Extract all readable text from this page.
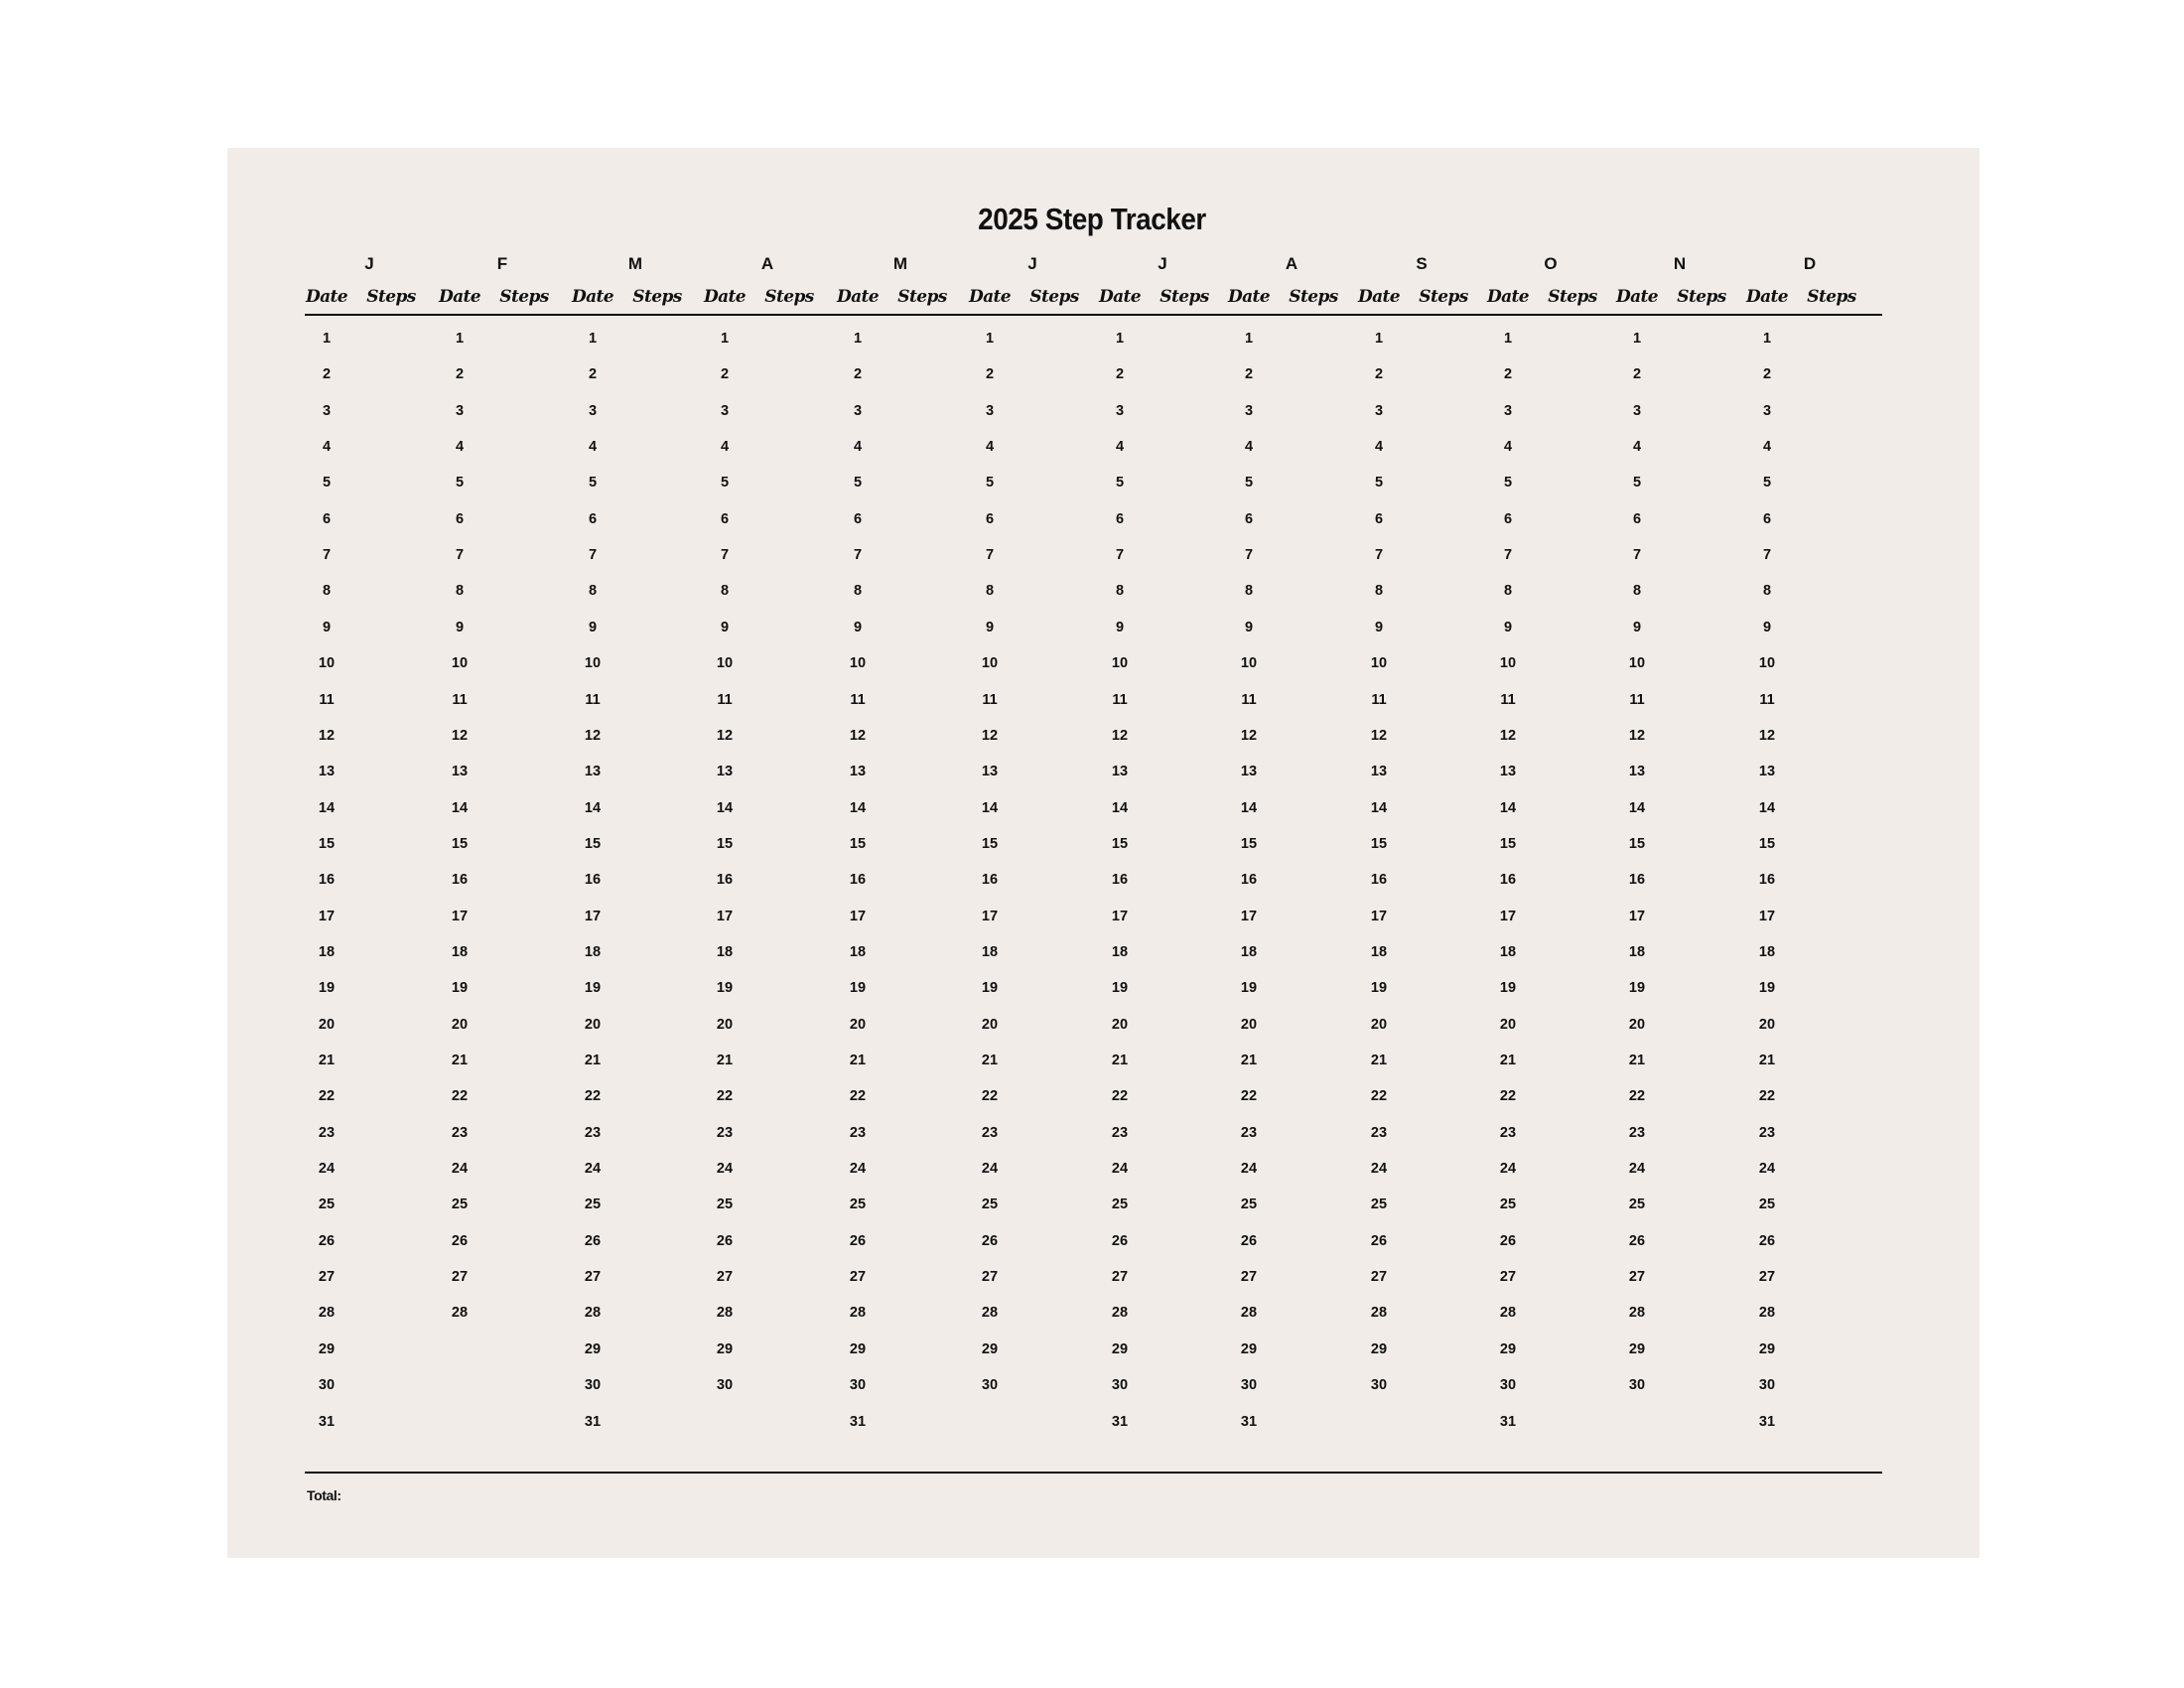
2025 Step Tracker
J
Date	Steps
1
2
3
4
5
6
7
8
9
10
11
12
13
14
15
16
17
18
19
20
21
22
23
24
25
26
27
28
29
30
31
F
Date	Steps
1
2
3
4
5
6
7
8
9
10
11
12
13
14
15
16
17
18
19
20
21
22
23
24
25
26
27
28
M
Date	Steps
1
2
3
4
5
6
7
8
9
10
11
12
13
14
15
16
17
18
19
20
21
22
23
24
25
26
27
28
29
30
31
A
Date	Steps
1
2
3
4
5
6
7
8
9
10
11
12
13
14
15
16
17
18
19
20
21
22
23
24
25
26
27
28
29
30
M
Date	Steps
1
2
3
4
5
6
7
8
9
10
11
12
13
14
15
16
17
18
19
20
21
22
23
24
25
26
27
28
29
30
31
J
Date	Steps
1
2
3
4
5
6
7
8
9
10
11
12
13
14
15
16
17
18
19
20
21
22
23
24
25
26
27
28
29
30
J
Date	Steps
1
2
3
4
5
6
7
8
9
10
11
12
13
14
15
16
17
18
19
20
21
22
23
24
25
26
27
28
29
30
31
A
Date	Steps
1
2
3
4
5
6
7
8
9
10
11
12
13
14
15
16
17
18
19
20
21
22
23
24
25
26
27
28
29
30
31
S
Date	Steps
1
2
3
4
5
6
7
8
9
10
11
12
13
14
15
16
17
18
19
20
21
22
23
24
25
26
27
28
29
30
O
Date	Steps
1
2
3
4
5
6
7
8
9
10
11
12
13
14
15
16
17
18
19
20
21
22
23
24
25
26
27
28
29
30
31
N
Date	Steps
1
2
3
4
5
6
7
8
9
10
11
12
13
14
15
16
17
18
19
20
21
22
23
24
25
26
27
28
29
30
D
Date	Steps
1
2
3
4
5
6
7
8
9
10
11
12
13
14
15
16
17
18
19
20
21
22
23
24
25
26
27
28
29
30
31
Total:
